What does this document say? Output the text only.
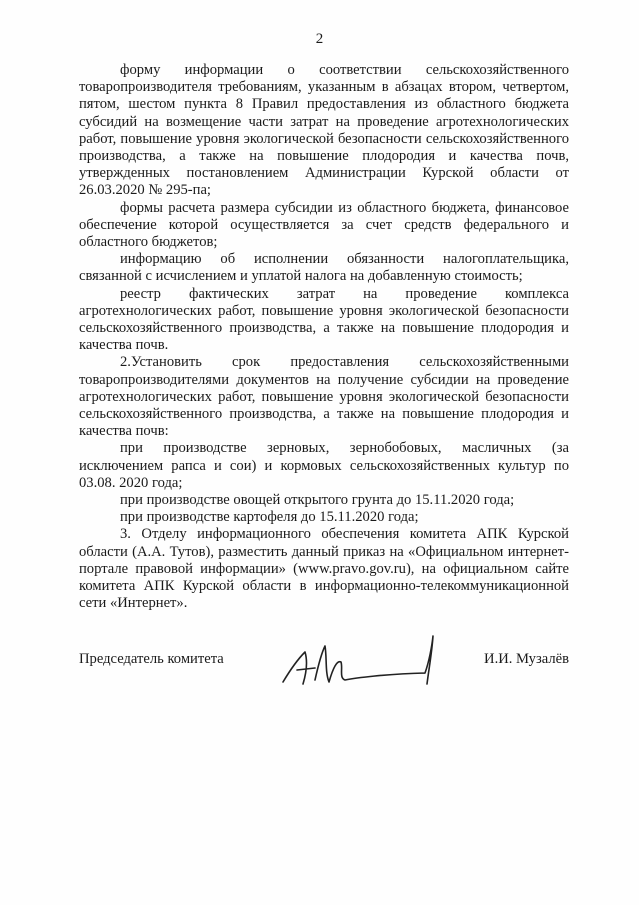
2

форму информации о соответствии сельскохозяйственного товаропроизводителя требованиям, указанным в абзацах втором, четвертом, пятом, шестом пункта 8 Правил предоставления из областного бюджета субсидий на возмещение части затрат на проведение агротехнологических работ, повышение уровня экологической безопасности сельскохозяйственного производства, а также на повышение плодородия и качества почв, утвержденных постановлением Администрации Курской области от 26.03.2020 № 295-па;

формы расчета размера субсидии из областного бюджета, финансовое обеспечение которой осуществляется за счет средств федерального и областного бюджетов;

информацию об исполнении обязанности налогоплательщика, связанной с исчислением и уплатой налога на добавленную стоимость;

реестр фактических затрат на проведение комплекса агротехнологических работ, повышение уровня экологической безопасности сельскохозяйственного производства, а также на повышение плодородия и качества почв.

2.Установить срок предоставления сельскохозяйственными товаропроизводителями документов на получение субсидии на проведение агротехнологических работ, повышение уровня экологической безопасности сельскохозяйственного производства, а также на повышение плодородия и качества почв:

при производстве зерновых, зернобобовых, масличных (за исключением рапса и сои) и кормовых сельскохозяйственных культур по 03.08. 2020 года;

при производстве овощей открытого грунта до 15.11.2020 года;

при производстве картофеля до 15.11.2020 года;

3. Отделу информационного обеспечения комитета АПК Курской области (А.А. Тутов), разместить данный приказ на «Официальном интернет-портале правовой информации» (www.pravo.gov.ru), на официальном сайте комитета АПК Курской области в информационно-телекоммуникационной сети «Интернет».

Председатель комитета	И.И. Музалёв
